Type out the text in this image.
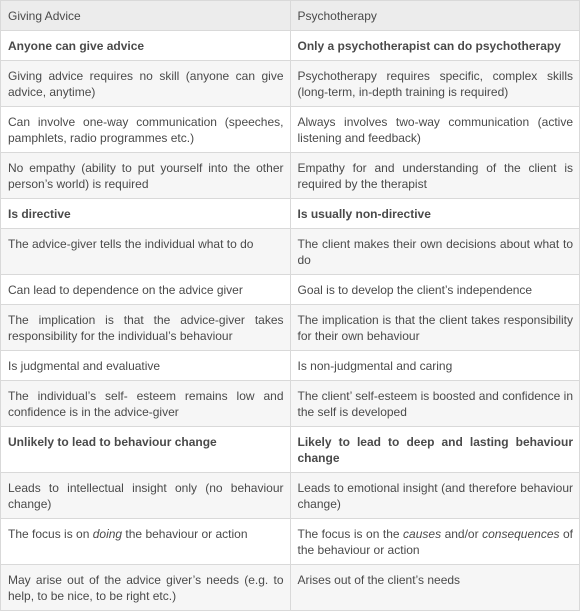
Giving Advice	Psychotherapy
Anyone can give advice	Only a psychotherapist can do psychotherapy
Giving advice requires no skill (anyone can give advice, anytime)	Psychotherapy requires specific, complex skills (long-term, in-depth training is required)
Can involve one-way communication (speeches, pamphlets, radio programmes etc.)	Always involves two-way communication (active listening and feedback)
No empathy (ability to put yourself into the other person’s world) is required	Empathy for and understanding of the client is required by the therapist
Is directive	Is usually non-directive
The advice-giver tells the individual what to do	The client makes their own decisions about what to do
Can lead to dependence on the advice giver	Goal is to develop the client’s independence
The implication is that the advice-giver takes responsibility for the individual’s behaviour	The implication is that the client takes responsibility for their own behaviour
Is judgmental and evaluative	Is non-judgmental and caring
The individual’s self- esteem remains low and confidence is in the advice-giver	The client’ self-esteem is boosted and confidence in the self is developed
Unlikely to lead to behaviour change	Likely to lead to deep and lasting behaviour change
Leads to intellectual insight only (no behaviour change)	Leads to emotional insight (and therefore behaviour change)
The focus is on doing the behaviour or action	The focus is on the causes and/or consequences of the behaviour or action
May arise out of the advice giver’s needs (e.g. to help, to be nice, to be right etc.)	Arises out of the client’s needs
